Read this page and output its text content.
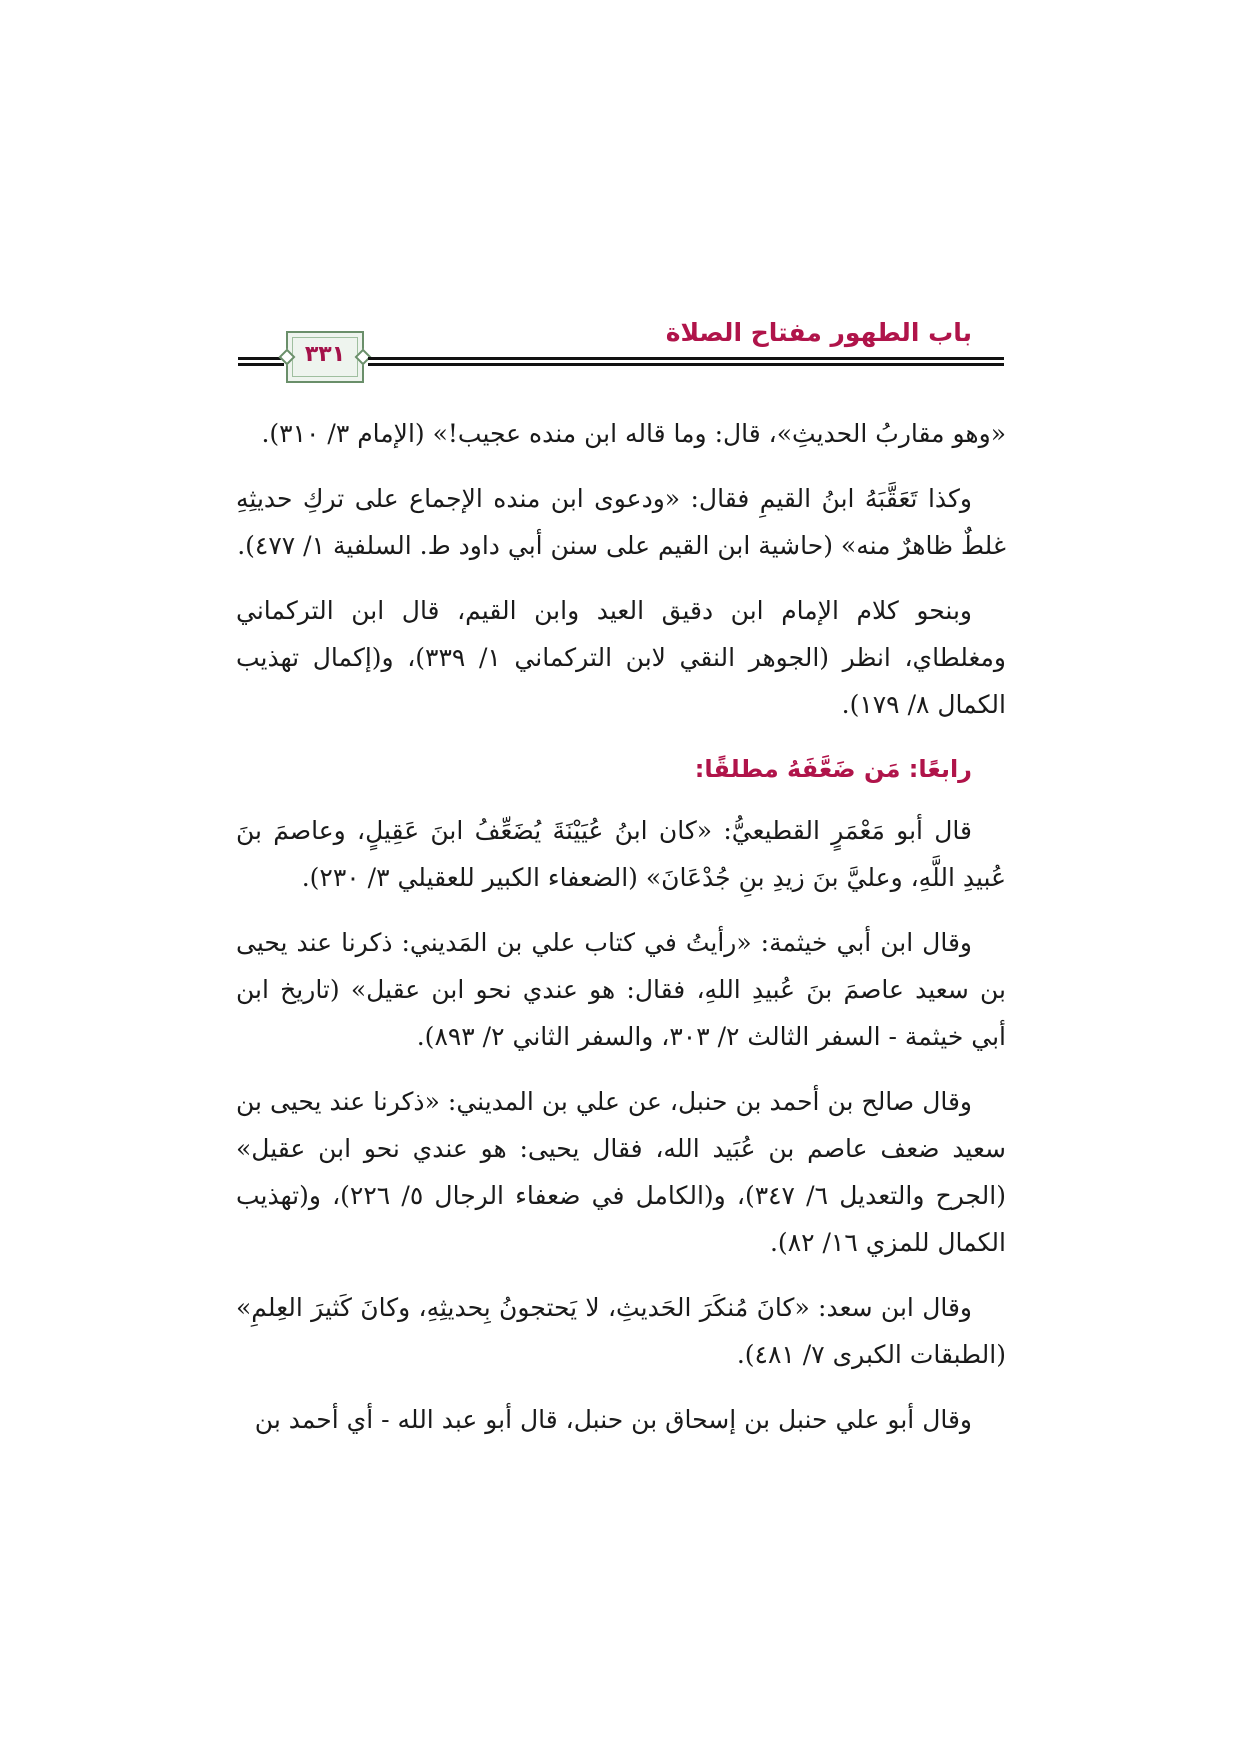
باب الطهور مفتاح الصلاة
٣٣١

«وهو مقاربُ الحديثِ»، قال: وما قاله ابن منده عجيب!» (الإمام ٣/ ٣١٠).

وكذا تَعَقَّبَهُ ابنُ القيمِ فقال: «ودعوى ابن منده الإجماع على تركِ حديثِهِ غلطٌ ظاهرٌ منه» (حاشية ابن القيم على سنن أبي داود ط. السلفية ١/ ٤٧٧).

وبنحو كلام الإمام ابن دقيق العيد وابن القيم، قال ابن التركماني ومغلطاي، انظر (الجوهر النقي لابن التركماني ١/ ٣٣٩)، و(إكمال تهذيب الكمال ٨/ ١٧٩).

رابعًا: مَن ضَعَّفَهُ مطلقًا:

قال أبو مَعْمَرٍ القطيعيُّ: «كان ابنُ عُيَيْنَةَ يُضَعِّفُ ابنَ عَقِيلٍ، وعاصمَ بنَ عُبيدِ اللَّهِ، وعليَّ بنَ زيدِ بنِ جُدْعَانَ» (الضعفاء الكبير للعقيلي ٣/ ٢٣٠).

وقال ابن أبي خيثمة: «رأيتُ في كتاب علي بن المَديني: ذكرنا عند يحيى بن سعيد عاصمَ بنَ عُبيدِ اللهِ، فقال: هو عندي نحو ابن عقيل» (تاريخ ابن أبي خيثمة - السفر الثالث ٢/ ٣٠٣، والسفر الثاني ٢/ ٨٩٣).

وقال صالح بن أحمد بن حنبل، عن علي بن المديني: «ذكرنا عند يحيى بن سعيد ضعف عاصم بن عُبَيد الله، فقال يحيى: هو عندي نحو ابن عقيل» (الجرح والتعديل ٦/ ٣٤٧)، و(الكامل في ضعفاء الرجال ٥/ ٢٢٦)، و(تهذيب الكمال للمزي ١٦/ ٨٢).

وقال ابن سعد: «كانَ مُنكَرَ الحَديثِ، لا يَحتجونُ بِحديثِهِ، وكانَ كَثيرَ العِلمِ» (الطبقات الكبرى ٧/ ٤٨١).

وقال أبو علي حنبل بن إسحاق بن حنبل، قال أبو عبد الله - أي أحمد بن
